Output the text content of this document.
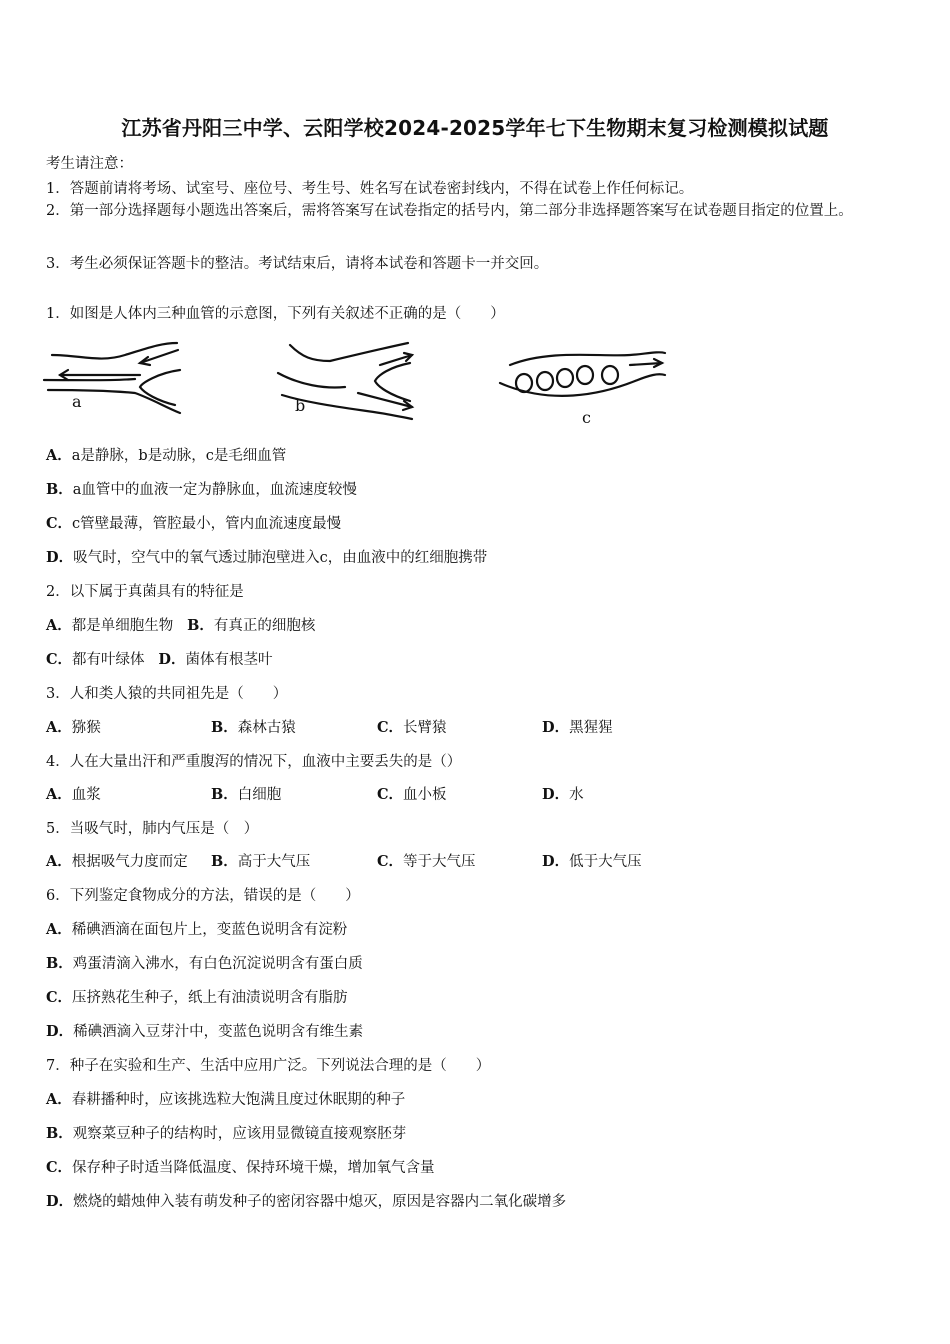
江苏省丹阳三中学、云阳学校2024-2025学年七下生物期末复习检测模拟试题
考生请注意：
1．答题前请将考场、试室号、座位号、考生号、姓名写在试卷密封线内，不得在试卷上作任何标记。
2．第一部分选择题每小题选出答案后，需将答案写在试卷指定的括号内，第二部分非选择题答案写在试卷题目指定的位置上。
3．考生必须保证答题卡的整洁。考试结束后，请将本试卷和答题卡一并交回。
1．如图是人体内三种血管的示意图，下列有关叙述不正确的是（　　）
a	b
c
A．a是静脉，b是动脉，c是毛细血管
B．a血管中的血液一定为静脉血，血流速度较慢
C．c管壁最薄，管腔最小，管内血流速度最慢
D．吸气时，空气中的氧气透过肺泡壁进入c，由血液中的红细胞携带
2．以下属于真菌具有的特征是
A．都是单细胞生物 B．有真正的细胞核
C．都有叶绿体 D．菌体有根茎叶
3．人和类人猿的共同祖先是（　　）
A．猕猴	B．森林古猿	C．长臂猿	D．黑猩猩
4．人在大量出汗和严重腹泻的情况下，血液中主要丢失的是（）
A．血浆	B．白细胞	C．血小板	D．水
5．当吸气时，肺内气压是（　）
A．根据吸气力度而定 B．高于大气压	C．等于大气压	D．低于大气压
6．下列鉴定食物成分的方法，错误的是（　　）
A．稀碘酒滴在面包片上，变蓝色说明含有淀粉
B．鸡蛋清滴入沸水，有白色沉淀说明含有蛋白质
C．压挤熟花生种子，纸上有油渍说明含有脂肪
D．稀碘酒滴入豆芽汁中，变蓝色说明含有维生素
7．种子在实验和生产、生活中应用广泛。下列说法合理的是（　　）
A．春耕播种时，应该挑选粒大饱满且度过休眠期的种子
B．观察菜豆种子的结构时，应该用显微镜直接观察胚芽
C．保存种子时适当降低温度、保持环境干燥，增加氧气含量
D．燃烧的蜡烛伸入装有萌发种子的密闭容器中熄灭，原因是容器内二氧化碳增多
